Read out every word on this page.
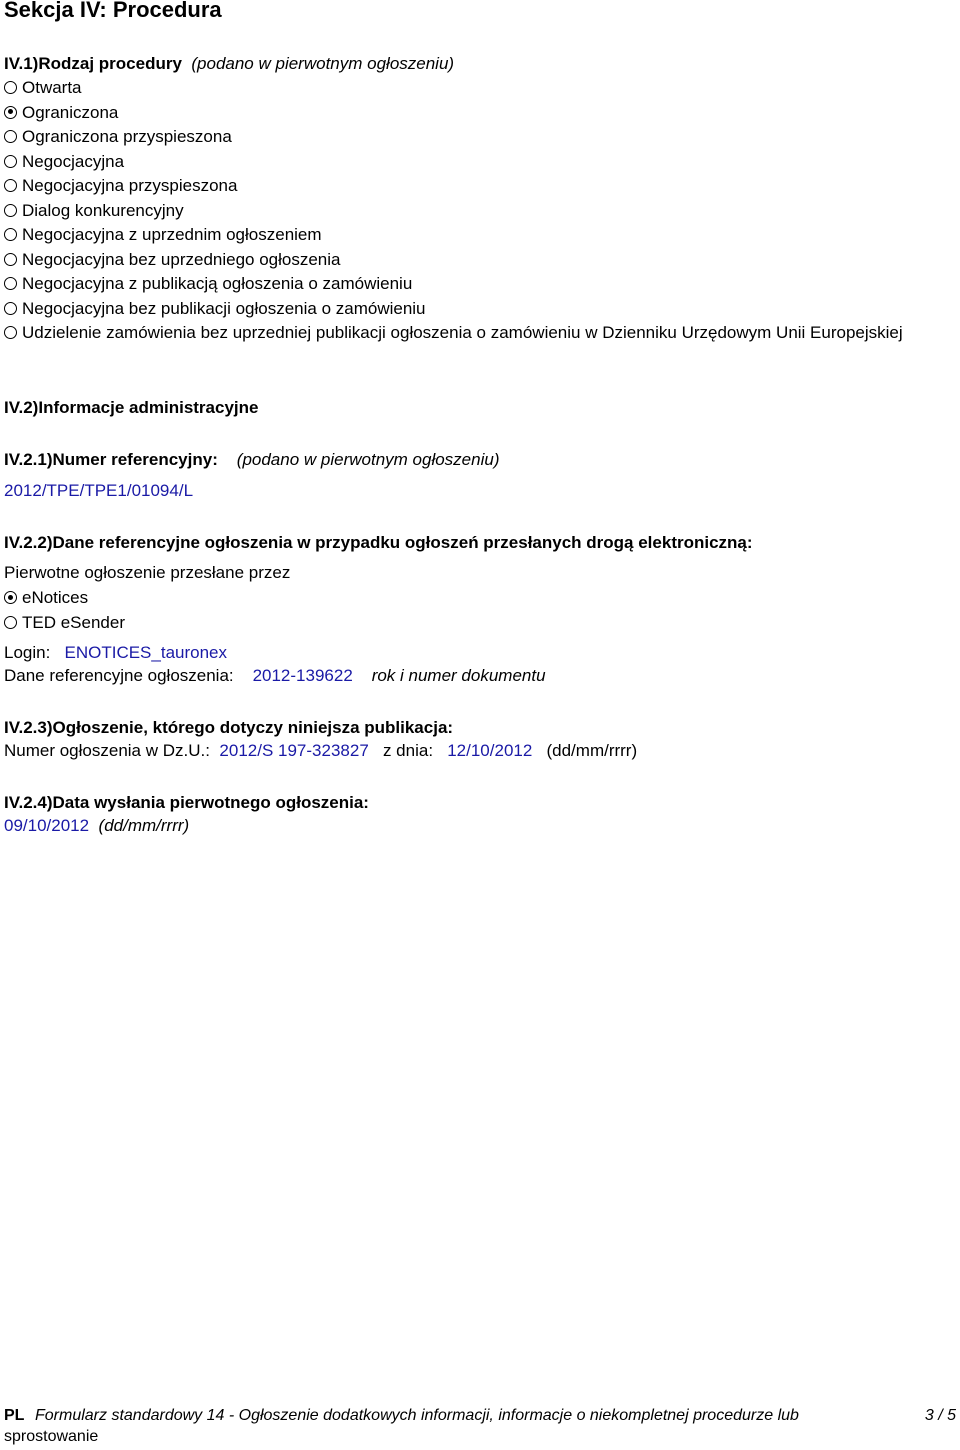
Sekcja IV: Procedura
IV.1)Rodzaj procedury (podano w pierwotnym ogłoszeniu)
Otwarta
Ograniczona
Ograniczona przyspieszona
Negocjacyjna
Negocjacyjna przyspieszona
Dialog konkurencyjny
Negocjacyjna z uprzednim ogłoszeniem
Negocjacyjna bez uprzedniego ogłoszenia
Negocjacyjna z publikacją ogłoszenia o zamówieniu
Negocjacyjna bez publikacji ogłoszenia o zamówieniu
Udzielenie zamówienia bez uprzedniej publikacji ogłoszenia o zamówieniu w Dzienniku Urzędowym Unii Europejskiej
IV.2)Informacje administracyjne
IV.2.1)Numer referencyjny: (podano w pierwotnym ogłoszeniu)
2012/TPE/TPE1/01094/L
IV.2.2)Dane referencyjne ogłoszenia w przypadku ogłoszeń przesłanych drogą elektroniczną:
Pierwotne ogłoszenie przesłane przez
eNotices
TED eSender
Login: ENOTICES_tauronex
Dane referencyjne ogłoszenia: 2012-139622 rok i numer dokumentu
IV.2.3)Ogłoszenie, którego dotyczy niniejsza publikacja:
Numer ogłoszenia w Dz.U.: 2012/S 197-323827 z dnia: 12/10/2012 (dd/mm/rrrr)
IV.2.4)Data wysłania pierwotnego ogłoszenia:
09/10/2012 (dd/mm/rrrr)
PL Formularz standardowy 14 - Ogłoszenie dodatkowych informacji, informacje o niekompletnej procedurze lub
sprostowanie
3 / 5
